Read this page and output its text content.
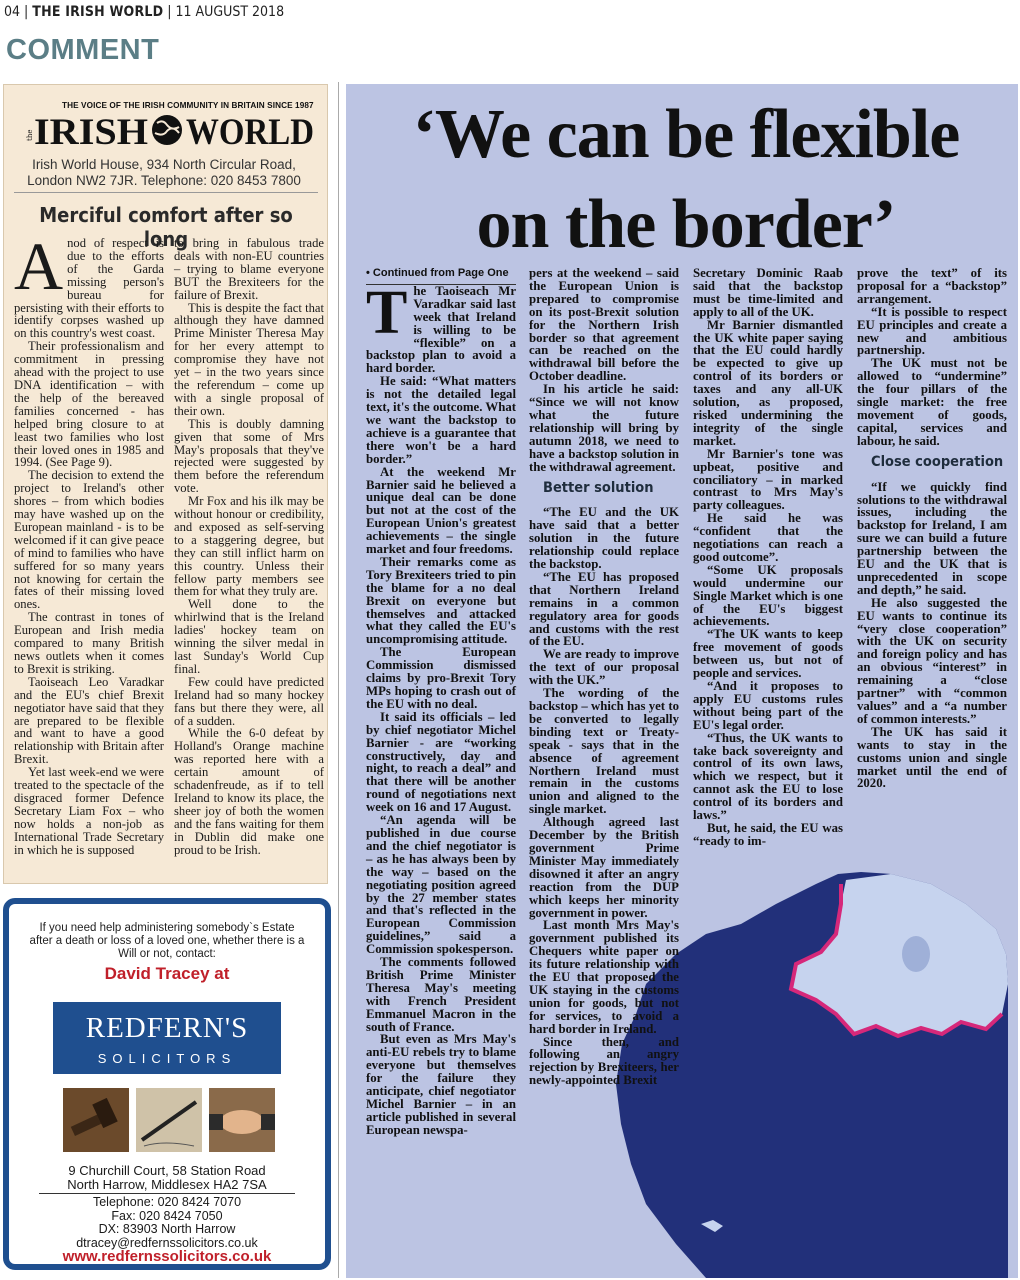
04 | THE IRISH WORLD | 11 AUGUST 2018
COMMENT
THE VOICE OF THE IRISH COMMUNITY IN BRITAIN SINCE 1987
the IRISH WORLD
Irish World House, 934 North Circular Road,
London NW2 7JR. Telephone: 020 8453 7800
Merciful comfort after so long

Anod of respect is due to the efforts of the Garda missing person's bureau for persisting with their efforts to identify corpses washed up on this country's west coast.

Their professionalism and commitment in pressing ahead with the project to use DNA identification – with the help of the bereaved families concerned - has helped bring closure to at least two families who lost their loved ones in 1985 and 1994. (See Page 9).

The decision to extend the project to Ireland's other shores – from which bodies may have washed up on the European mainland - is to be welcomed if it can give peace of mind to families who have suffered for so many years not knowing for certain the fates of their missing loved ones.

The contrast in tones of European and Irish media compared to many British news outlets when it comes to Brexit is striking.

Taoiseach Leo Varadkar and the EU's chief Brexit negotiator have said that they are prepared to be flexible and want to have a good relationship with Britain after Brexit.

Yet last week-end we were treated to the spectacle of the disgraced former Defence Secretary Liam Fox – who now holds a non-job as International Trade Secretary in which he is supposed

to bring in fabulous trade deals with non-EU countries – trying to blame everyone BUT the Brexiteers for the failure of Brexit.

This is despite the fact that although they have damned Prime Minister Theresa May for her every attempt to compromise they have not yet – in the two years since the referendum – come up with a single proposal of their own.

This is doubly damning given that some of Mrs May's proposals that they've rejected were suggested by them before the referendum vote.

Mr Fox and his ilk may be without honour or credibility, and exposed as self-serving to a staggering degree, but they can still inflict harm on this country. Unless their fellow party members see them for what they truly are.

Well done to the whirlwind that is the Ireland ladies' hockey team on winning the silver medal in last Sunday's World Cup final.

Few could have predicted Ireland had so many hockey fans but there they were, all of a sudden.

While the 6-0 defeat by Holland's Orange machine was reported here with a certain amount of schadenfreude, as if to tell Ireland to know its place, the sheer joy of both the women and the fans waiting for them in Dublin did make one proud to be Irish.

If you need help administering somebody`s Estate after a death or loss of a loved one, whether there is a Will or not, contact:
David Tracey at
REDFERN'S
SOLICITORS
9 Churchill Court, 58 Station Road
North Harrow, Middlesex HA2 7SA
Telephone: 020 8424 7070
Fax: 020 8424 7050
DX: 83903 North Harrow
dtracey@redfernssolicitors.co.uk
www.redfernssolicitors.co.uk
‘We can be flexible
on the border’

• Continued from Page One

The Taoiseach Mr Varadkar said last week that Ireland is willing to be “flexible” on a backstop plan to avoid a hard border.

He said: “What matters is not the detailed legal text, it's the outcome. What we want the backstop to achieve is a guarantee that there won't be a hard border.”

At the weekend Mr Barnier said he believed a unique deal can be done but not at the cost of the European Union's greatest achievements – the single market and four freedoms.

Their remarks come as Tory Brexiteers tried to pin the blame for a no deal Brexit on everyone but themselves and attacked what they called the EU's uncompromising attitude.

The European Commission dismissed claims by pro-Brexit Tory MPs hoping to crash out of the EU with no deal.

It said its officials – led by chief negotiator Michel Barnier - are “working constructively, day and night, to reach a deal” and that there will be another round of negotiations next week on 16 and 17 August.

“An agenda will be published in due course and the chief negotiator is – as he has always been by the way – based on the negotiating position agreed by the 27 member states and that's reflected in the European Commission guidelines,” said a Commission spokesperson.

The comments followed British Prime Minister Theresa May's meeting with French President Emmanuel Macron in the south of France.

But even as Mrs May's anti-EU rebels try to blame everyone but themselves for the failure they anticipate, chief negotiator Michel Barnier – in an article published in several European newspa-

pers at the weekend – said the European Union is prepared to compromise on its post-Brexit solution for the Northern Irish border so that agreement can be reached on the withdrawal bill before the October deadline.

In his article he said: “Since we will not know what the future relationship will bring by autumn 2018, we need to have a backstop solution in the withdrawal agreement.

Better solution

“The EU and the UK have said that a better solution in the future relationship could replace the backstop.

“The EU has proposed that Northern Ireland remains in a common regulatory area for goods and customs with the rest of the EU.

We are ready to improve the text of our proposal with the UK.”

The wording of the backstop – which has yet to be converted to legally binding text or Treaty-speak - says that in the absence of agreement Northern Ireland must remain in the customs union and aligned to the single market.

Although agreed last December by the British government Prime Minister May immediately disowned it after an angry reaction from the DUP which keeps her minority government in power.

Last month Mrs May's government published its Chequers white paper on its future relationship with the EU that proposed the UK staying in the customs union for goods, but not for services, to avoid a hard border in Ireland.

Since then, and following an angry rejection by Brexiteers, her newly-appointed Brexit

Secretary Dominic Raab said that the backstop must be time-limited and apply to all of the UK.

Mr Barnier dismantled the UK white paper saying that the EU could hardly be expected to give up control of its borders or taxes and any all-UK solution, as proposed, risked undermining the integrity of the single market.

Mr Barnier's tone was upbeat, positive and conciliatory – in marked contrast to Mrs May's party colleagues.

He said he was “confident that the negotiations can reach a good outcome”.

“Some UK proposals would undermine our Single Market which is one of the EU's biggest achievements.

“The UK wants to keep free movement of goods between us, but not of people and services.

“And it proposes to apply EU customs rules without being part of the EU's legal order.

“Thus, the UK wants to take back sovereignty and control of its own laws, which we respect, but it cannot ask the EU to lose control of its borders and laws.”

But, he said, the EU was “ready to im-

prove the text” of its proposal for a “backstop” arrangement.

“It is possible to respect EU principles and create a new and ambitious partnership.

The UK must not be allowed to “undermine” the four pillars of the single market: the free movement of goods, capital, services and labour, he said.

Close cooperation

“If we quickly find solutions to the withdrawal issues, including the backstop for Ireland, I am sure we can build a future partnership between the EU and the UK that is unprecedented in scope and depth,” he said.

He also suggested the EU wants to continue its “very close cooperation” with the UK on security and foreign policy and has an obvious “interest” in remaining a “close partner” with “common values” and a “a number of common interests.”

The UK has said it wants to stay in the customs union and single market until the end of 2020.
